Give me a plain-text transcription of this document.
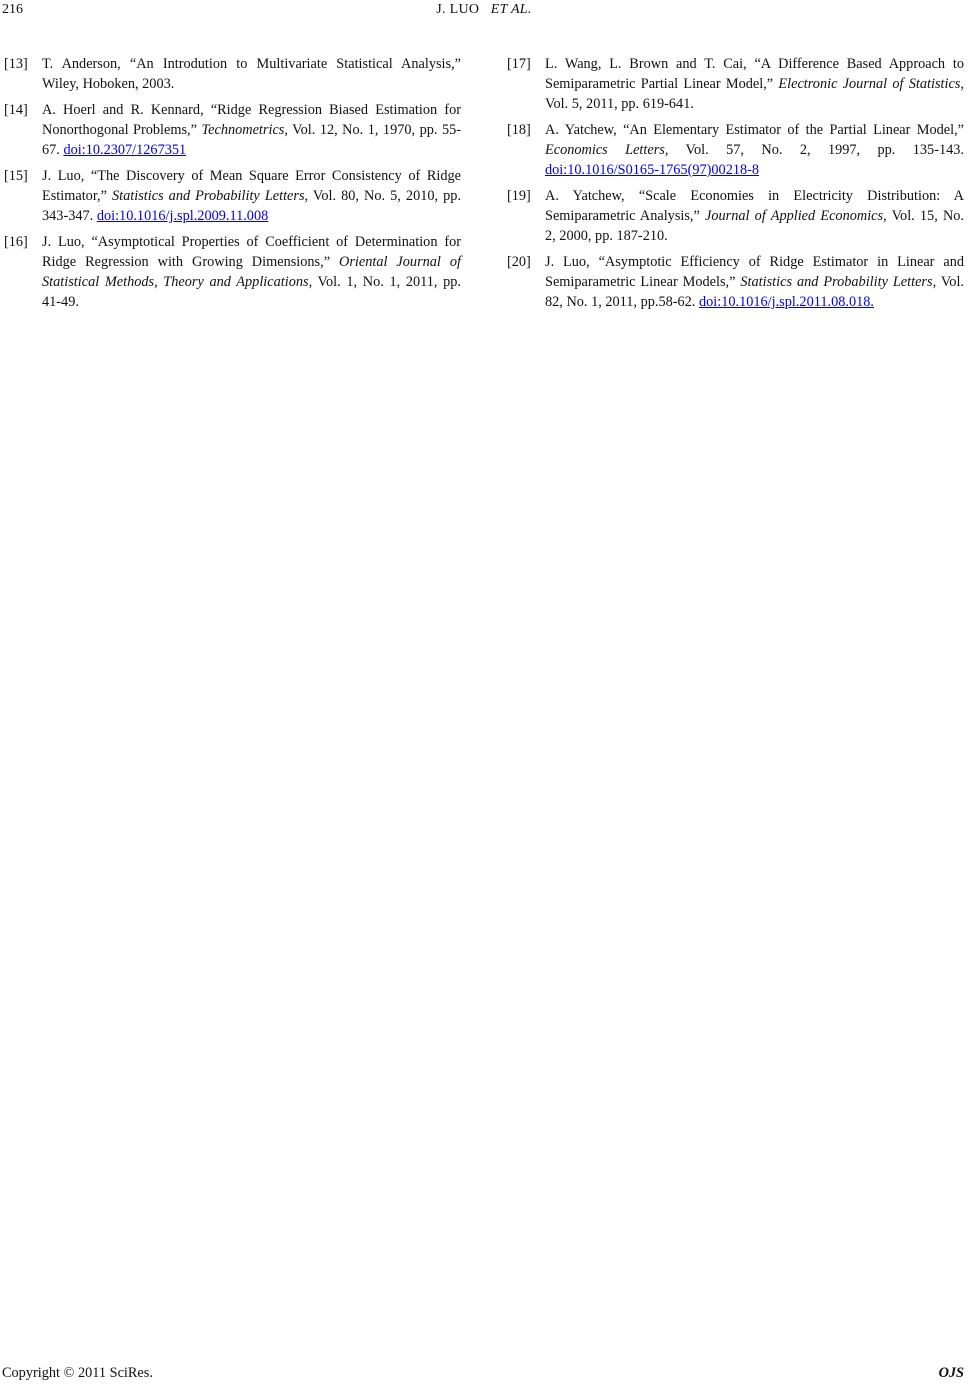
216	J. LUO ET AL.
[13] T. Anderson, “An Introdution to Multivariate Statistical Analysis,” Wiley, Hoboken, 2003.
[14] A. Hoerl and R. Kennard, “Ridge Regression Biased Estimation for Nonorthogonal Problems,” Technometrics, Vol. 12, No. 1, 1970, pp. 55-67. doi:10.2307/1267351
[15] J. Luo, “The Discovery of Mean Square Error Consistency of Ridge Estimator,” Statistics and Probability Letters, Vol. 80, No. 5, 2010, pp. 343-347. doi:10.1016/j.spl.2009.11.008
[16] J. Luo, “Asymptotical Properties of Coefficient of Determination for Ridge Regression with Growing Dimensions,” Oriental Journal of Statistical Methods, Theory and Applications, Vol. 1, No. 1, 2011, pp. 41-49.
[17] L. Wang, L. Brown and T. Cai, “A Difference Based Approach to Semiparametric Partial Linear Model,” Electronic Journal of Statistics, Vol. 5, 2011, pp. 619-641.
[18] A. Yatchew, “An Elementary Estimator of the Partial Linear Model,” Economics Letters, Vol. 57, No. 2, 1997, pp. 135-143. doi:10.1016/S0165-1765(97)00218-8
[19] A. Yatchew, “Scale Economies in Electricity Distribution: A Semiparametric Analysis,” Journal of Applied Economics, Vol. 15, No. 2, 2000, pp. 187-210.
[20] J. Luo, “Asymptotic Efficiency of Ridge Estimator in Linear and Semiparametric Linear Models,” Statistics and Probability Letters, Vol. 82, No. 1, 2011, pp.58-62. doi:10.1016/j.spl.2011.08.018.
Copyright © 2011 SciRes.	OJS
